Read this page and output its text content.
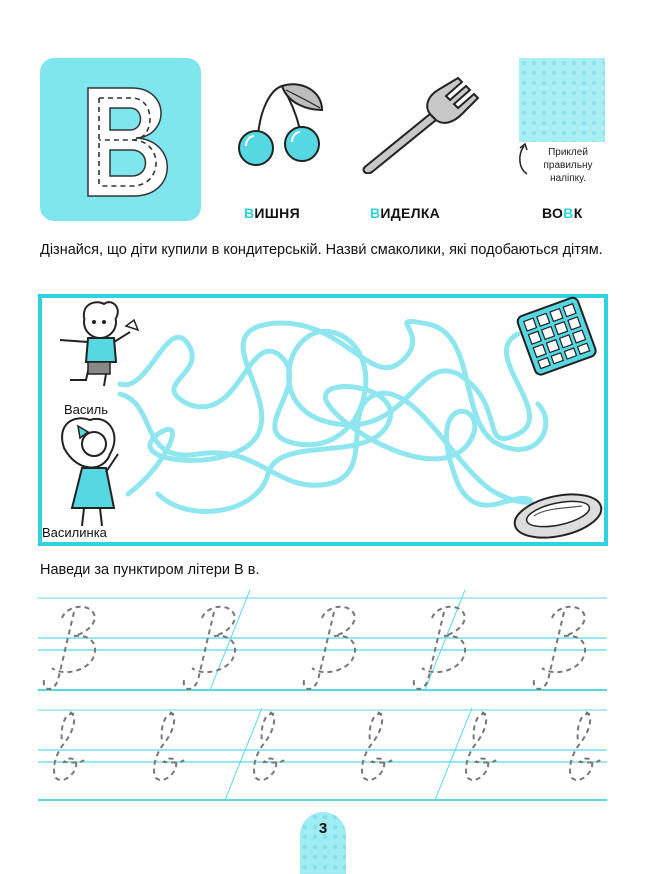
Приклей правильну наліпку.
ВИШНЯ	ВИДЕЛКА	ВОВК
Дізнайся, що діти купили в кондитерській. Назви́ смаколики, які подобаються дітям.
Василь
Василинка
Наведи за пунктиром літери В в.
3
